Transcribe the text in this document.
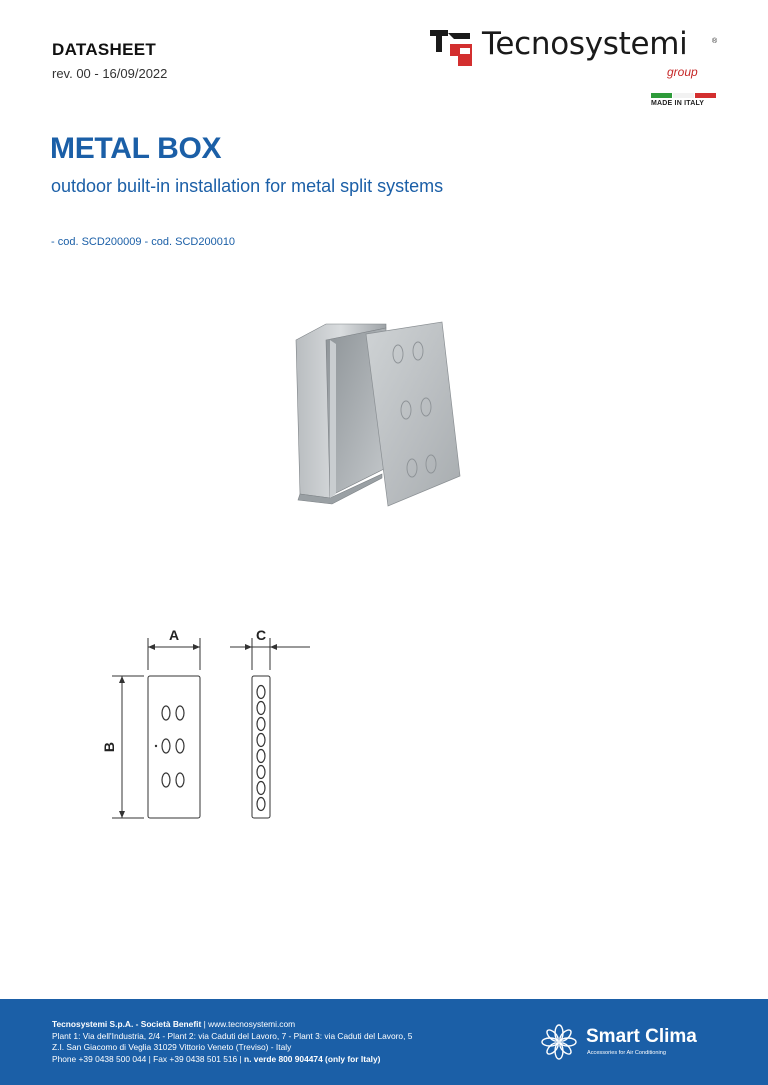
DATASHEET
rev. 00 - 16/09/2022
Tecnosystemi	®
group
MADE IN ITALY
METAL BOX
outdoor built-in installation for metal split systems
- cod. SCD200009 - cod. SCD200010
A	C
B
Tecnosystemi S.p.A. - Società Benefit | www.tecnosystemi.com
Plant 1: Via dell'Industria, 2/4 - Plant 2: via Caduti del Lavoro, 7 - Plant 3: via Caduti del Lavoro, 5
Z.I. San Giacomo di Veglia 31029 Vittorio Veneto (Treviso) - Italy
Phone +39 0438 500 044 | Fax +39 0438 501 516 | n. verde 800 904474 (only for Italy)
Smart Clima
Accessories for Air Conditioning
